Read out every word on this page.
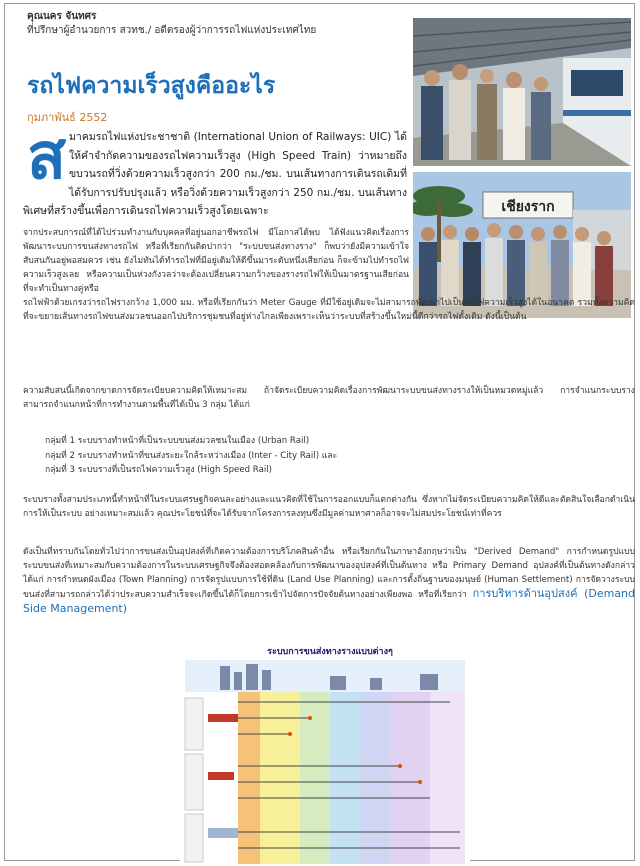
คุณนคร จันทศร
ที่ปรึกษาผู้อำนวยการ สวทช./ อดีตรองผู้ว่าการรถไฟแห่งประเทศไทย
รถไฟความเร็วสูงคืออะไร
กุมภาพันธ์ 2552
ส มาคมรถไฟแห่งประชาชาติ (International Union of Railways: UIC) ได้ให้คำจำกัดความของรถไฟความเร็วสูง (High Speed Train) ว่าหมายถึงขบวนรถที่วิ่งด้วยความเร็วสูงกว่า 200 กม./ชม. บนเส้นทางการเดินรถเดิมที่ได้รับการปรับปรุงแล้ว หรือวิ่งด้วยความเร็วสูงกว่า 250 กม./ชม. บนเส้นทางพิเศษที่สร้างขึ้นเพื่อการเดินรถไฟความเร็วสูงโดยเฉพาะ	เชียงราก
จากประสบการณ์ที่ได้ไปร่วมทำงานกับบุคคลที่อยู่นอกอาชีพรถไฟ มีโอกาสได้พบ ได้ฟังแนวคิดเรื่องการพัฒนาระบบการขนส่งทางรถไฟ หรือที่เรียกกันติดปากว่า "ระบบขนส่งทางราง" ก็พบว่ายังมีความเข้าใจสับสนกันอยู่พอสมควร เช่น ยังไม่ทันได้ทำรถไฟที่มีอยู่เดิมให้ดีขึ้นมาระดับหนึ่งเสียก่อน ก็จะข้ามไปทำรถไฟความเร็วสูงเลย หรือความเป็นห่วงกังวลว่าจะต้องเปลี่ยนความกว้างของรางรถไฟให้เป็นมาตรฐานเสียก่อนที่จะทำเป็นทางคู่หรือ
รถไฟฟ้าด้วยเกรงว่ารถไฟรางกว้าง 1,000 มม. หรือที่เรียกกันว่า Meter Gauge ที่มีใช้อยู่เดิมจะไม่สามารถพัฒนาไปเป็นรถไฟความเร็วสูงได้ในอนาคต รวมทั้งความคิดที่จะขยายเส้นทางรถไฟขนส่งมวลชนออกไปบริการชุมชนที่อยู่ห่างไกลเพียงเพราะเห็นว่าระบบที่สร้างขึ้นใหม่นี้ดีกว่ารถไฟดั้งเดิม ดังนี้เป็นต้น
ความสับสนนี้เกิดจากขาดการจัดระเบียบความคิดให้เหมาะสม ถ้าจัดระเบียบความคิดเรื่องการพัฒนาระบบขนส่งทางรางให้เป็นหมวดหมู่แล้ว การจำแนกระบบราง สามารถจำแนกหน้าที่การทำงานตามพื้นที่ได้เป็น 3 กลุ่ม ได้แก่
กลุ่มที่ 1 ระบบรางทำหน้าที่เป็นระบบขนส่งมวลชนในเมือง (Urban Rail)
กลุ่มที่ 2 ระบบรางทำหน้าที่ขนส่งระยะใกล้ระหว่างเมือง (Inter - City Rail) และ
กลุ่มที่ 3 ระบบรางที่เป็นรถไฟความเร็วสูง (High Speed Rail)
ระบบรางทั้งสามประเภทนี้ทำหน้าที่ในระบบเศรษฐกิจคนละอย่างและแนวคิดที่ใช้ในการออกแบบก็แตกต่างกัน ซึ่งหากไม่จัดระเบียบความคิดให้ดีและตัดสินใจเลือกดำเนินการให้เป็นระบบ อย่างเหมาะสมแล้ว คุณประโยชน์ที่จะได้รับจากโครงการลงทุนซึ่งมีมูลค่ามหาศาลก็อาจจะไม่สมประโยชน์เท่าที่ควร
ดังเป็นที่ทราบกันโดยทั่วไปว่าการขนส่งเป็นอุปสงค์ที่เกิดความต้องการบริโภคสินค้าอื่น หรือเรียกกันในภาษาอังกฤษว่าเป็น "Derived Demand" การกำหนดรูปแบบระบบขนส่งที่เหมาะสมกับความต้องการในระบบเศรษฐกิจจึงต้องสอดคล้องกับการพัฒนาของอุปสงค์ที่เป็นต้นทาง หรือ Primary Demand อุปสงค์ที่เป็นต้นทางดังกล่าว ได้แก่ การกำหนดผังเมือง (Town Planning) การจัดรูปแบบการใช้ที่ดิน (Land Use Planning) และการตั้งถิ่นฐานของมนุษย์ (Human Settlement) การจัดวางระบบขนส่งที่สามารถกล่าวได้ว่าประสบความสำเร็จจะเกิดขึ้นได้ก็โดยการเข้าไปจัดการปัจจัยต้นทางอย่างเพียงพอ หรือที่เรียกว่า การบริหารด้านอุปสงค์ (Demand Side Management)
ระบบการขนส่งทางรางแบบต่างๆ
